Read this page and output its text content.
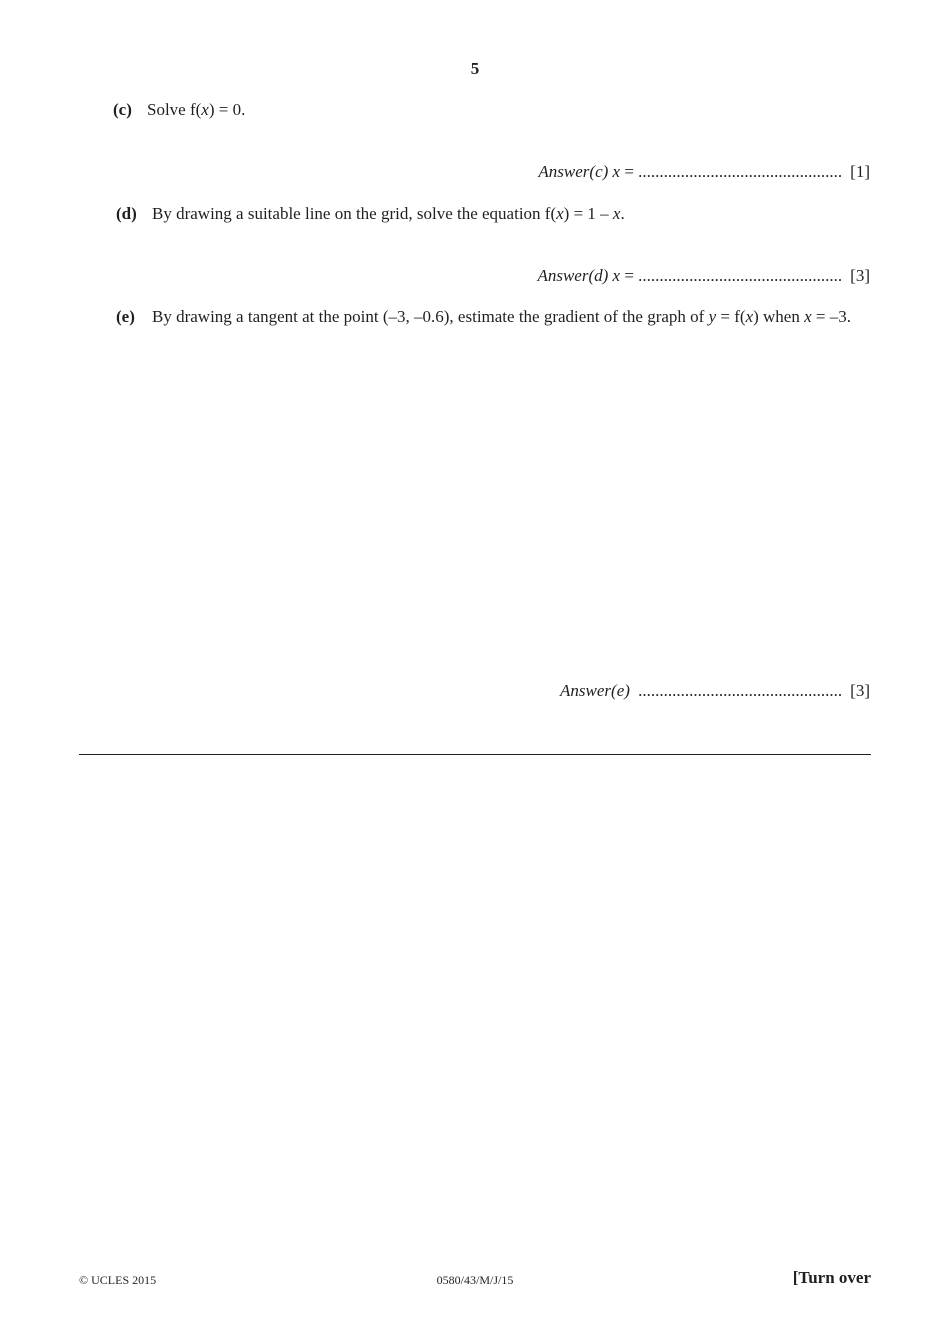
5
(c) Solve f(x) = 0.
Answer(c) x = ................................................ [1]
(d) By drawing a suitable line on the grid, solve the equation f(x) = 1 – x.
Answer(d) x = ................................................ [3]
(e) By drawing a tangent at the point (–3, –0.6), estimate the gradient of the graph of y = f(x) when x = –3.
Answer(e) ................................................ [3]
© UCLES 2015	0580/43/M/J/15	[Turn over
